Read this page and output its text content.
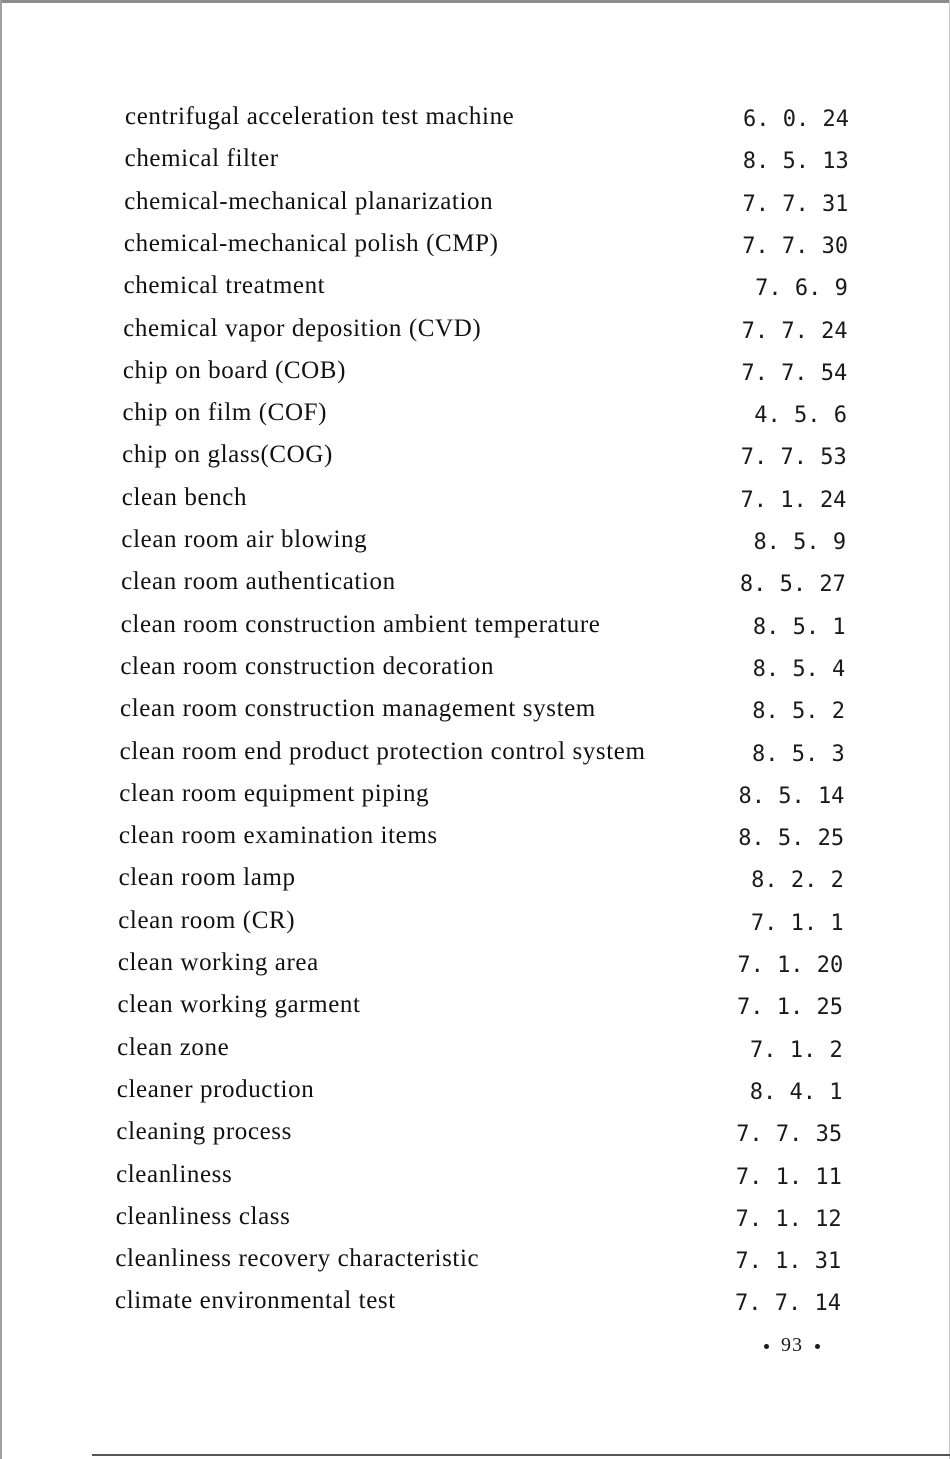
centrifugal acceleration test machine	6. 0. 24
chemical filter	8. 5. 13
chemical-mechanical planarization	7. 7. 31
chemical-mechanical polish (CMP)	7. 7. 30
chemical treatment	7. 6. 9
chemical vapor deposition (CVD)	7. 7. 24
chip on board (COB)	7. 7. 54
chip on film (COF)	4. 5. 6
chip on glass(COG)	7. 7. 53
clean bench	7. 1. 24
clean room air blowing	8. 5. 9
clean room authentication	8. 5. 27
clean room construction ambient temperature	8. 5. 1
clean room construction decoration	8. 5. 4
clean room construction management system	8. 5. 2
clean room end product protection control system	8. 5. 3
clean room equipment piping	8. 5. 14
clean room examination items	8. 5. 25
clean room lamp	8. 2. 2
clean room (CR)	7. 1. 1
clean working area	7. 1. 20
clean working garment	7. 1. 25
clean zone	7. 1. 2
cleaner production	8. 4. 1
cleaning process	7. 7. 35
cleanliness	7. 1. 11
cleanliness class	7. 1. 12
cleanliness recovery characteristic	7. 1. 31
climate environmental test	7. 7. 14
93
